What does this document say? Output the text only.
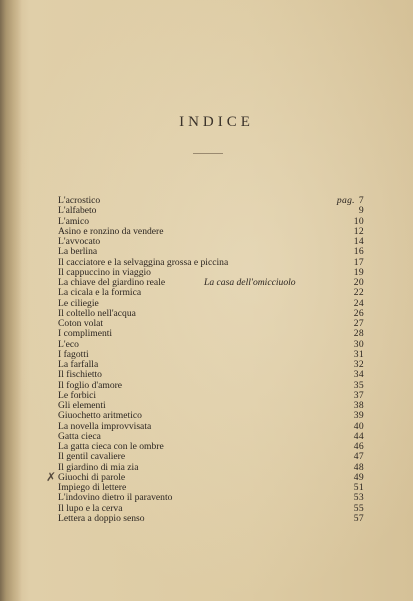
INDICE
L'acrostico	pag. 7
L'alfabeto	9
L'amico	10
Asino e ronzino da vendere	12
L'avvocato	14
La berlina	16
Il cacciatore e la selvaggina grossa e piccina	17
Il cappuccino in viaggio	19
La chiave del giardino reale	La casa dell'omicciuolo	20
La cicala e la formica	22
Le ciliegie	24
Il coltello nell'acqua	26
Coton volat	27
I complimenti	28
L'eco	30
I fagotti	31
La farfalla	32
Il fischietto	34
Il foglio d'amore	35
Le forbici	37
Gli elementi	38
Giuochetto aritmetico	39
La novella improvvisata	40
Gatta cieca	44
La gatta cieca con le ombre	46
Il gentil cavaliere	47
Il giardino di mia zia	48
✗ Giuochi di parole	49
Impiego di lettere	51
L'indovino dietro il paravento	53
Il lupo e la cerva	55
Lettera a doppio senso	57
